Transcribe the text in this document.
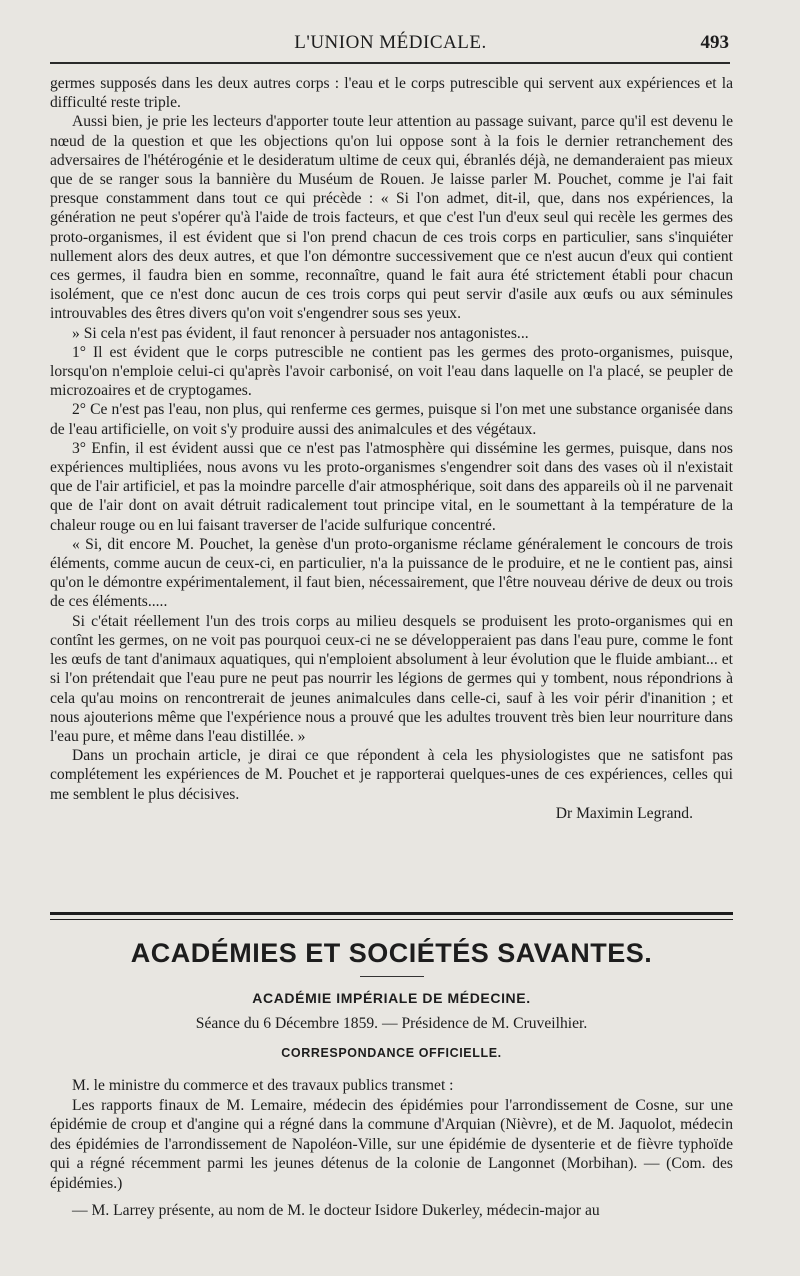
L'UNION MÉDICALE.	493

germes supposés dans les deux autres corps : l'eau et le corps putrescible qui servent aux expériences et la difficulté reste triple.

Aussi bien, je prie les lecteurs d'apporter toute leur attention au passage suivant, parce qu'il est devenu le nœud de la question et que les objections qu'on lui oppose sont à la fois le dernier retranchement des adversaires de l'hétérogénie et le desideratum ultime de ceux qui, ébranlés déjà, ne demanderaient pas mieux que de se ranger sous la bannière du Muséum de Rouen. Je laisse parler M. Pouchet, comme je l'ai fait presque constamment dans tout ce qui précède : « Si l'on admet, dit-il, que, dans nos expériences, la génération ne peut s'opérer qu'à l'aide de trois facteurs, et que c'est l'un d'eux seul qui recèle les germes des proto-organismes, il est évident que si l'on prend chacun de ces trois corps en particulier, sans s'inquiéter nullement alors des deux autres, et que l'on démontre successivement que ce n'est aucun d'eux qui contient ces germes, il faudra bien en somme, reconnaître, quand le fait aura été strictement établi pour chacun isolément, que ce n'est donc aucun de ces trois corps qui peut servir d'asile aux œufs ou aux séminules introuvables des êtres divers qu'on voit s'engendrer sous ses yeux.

» Si cela n'est pas évident, il faut renoncer à persuader nos antagonistes...

1° Il est évident que le corps putrescible ne contient pas les germes des proto-organismes, puisque, lorsqu'on n'emploie celui-ci qu'après l'avoir carbonisé, on voit l'eau dans laquelle on l'a placé, se peupler de microzoaires et de cryptogames.

2° Ce n'est pas l'eau, non plus, qui renferme ces germes, puisque si l'on met une substance organisée dans de l'eau artificielle, on voit s'y produire aussi des animalcules et des végétaux.

3° Enfin, il est évident aussi que ce n'est pas l'atmosphère qui dissémine les germes, puisque, dans nos expériences multipliées, nous avons vu les proto-organismes s'engendrer soit dans des vases où il n'existait que de l'air artificiel, et pas la moindre parcelle d'air atmosphérique, soit dans des appareils où il ne parvenait que de l'air dont on avait détruit radicalement tout principe vital, en le soumettant à la température de la chaleur rouge ou en lui faisant traverser de l'acide sulfurique concentré.

« Si, dit encore M. Pouchet, la genèse d'un proto-organisme réclame généralement le concours de trois éléments, comme aucun de ceux-ci, en particulier, n'a la puissance de le produire, et ne le contient pas, ainsi qu'on le démontre expérimentalement, il faut bien, nécessairement, que l'être nouveau dérive de deux ou trois de ces éléments.....

Si c'était réellement l'un des trois corps au milieu desquels se produisent les proto-organismes qui en contînt les germes, on ne voit pas pourquoi ceux-ci ne se développeraient pas dans l'eau pure, comme le font les œufs de tant d'animaux aquatiques, qui n'emploient absolument à leur évolution que le fluide ambiant... et si l'on prétendait que l'eau pure ne peut pas nourrir les légions de germes qui y tombent, nous répondrions à cela qu'au moins on rencontrerait de jeunes animalcules dans celle-ci, sauf à les voir périr d'inanition ; et nous ajouterions même que l'expérience nous a prouvé que les adultes trouvent très bien leur nourriture dans l'eau pure, et même dans l'eau distillée. »

Dans un prochain article, je dirai ce que répondent à cela les physiologistes que ne satisfont pas complétement les expériences de M. Pouchet et je rapporterai quelques-unes de ces expériences, celles qui me semblent le plus décisives.

Dr Maximin Legrand.

ACADÉMIES ET SOCIÉTÉS SAVANTES.
ACADÉMIE IMPÉRIALE DE MÉDECINE.
Séance du 6 Décembre 1859. — Présidence de M. Cruveilhier.
CORRESPONDANCE OFFICIELLE.

M. le ministre du commerce et des travaux publics transmet :

Les rapports finaux de M. Lemaire, médecin des épidémies pour l'arrondissement de Cosne, sur une épidémie de croup et d'angine qui a régné dans la commune d'Arquian (Nièvre), et de M. Jaquolot, médecin des épidémies de l'arrondissement de Napoléon-Ville, sur une épidémie de dysenterie et de fièvre typhoïde qui a régné récemment parmi les jeunes détenus de la colonie de Langonnet (Morbihan). — (Com. des épidémies.)

— M. Larrey présente, au nom de M. le docteur Isidore Dukerley, médecin-major au
